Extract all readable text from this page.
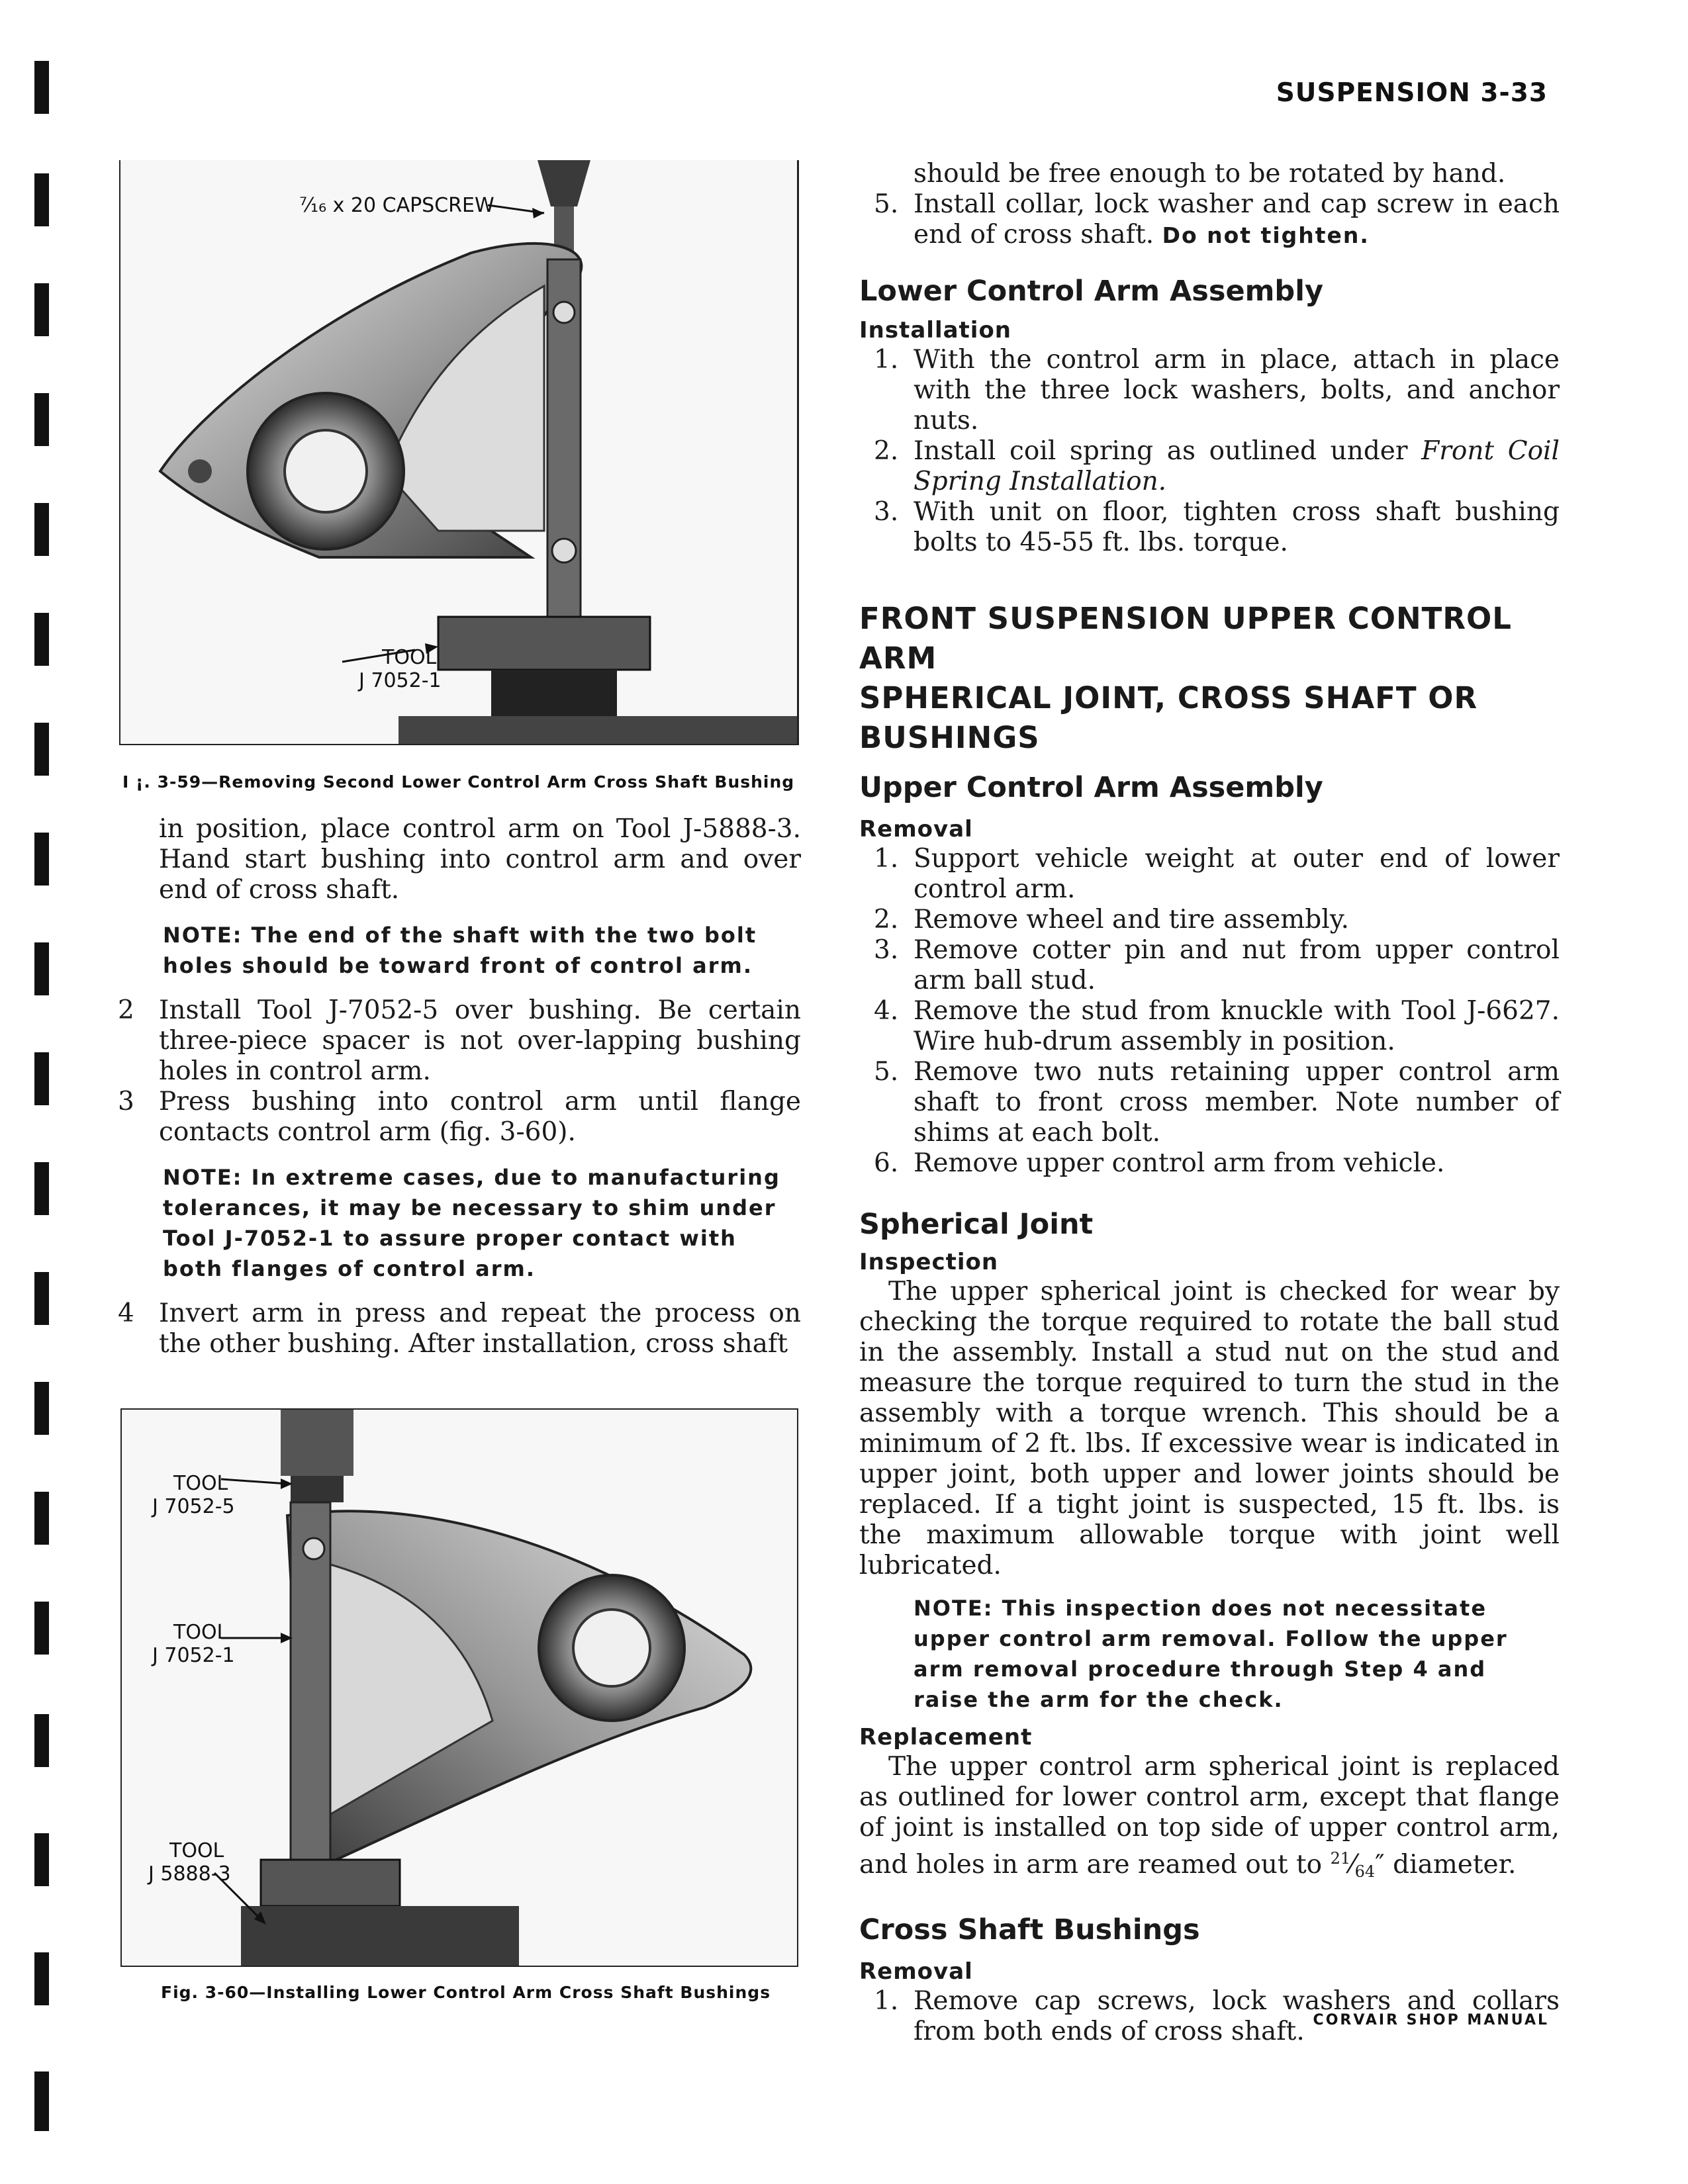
SUSPENSION 3-33
⁷⁄₁₆ x 20 CAPSCREW
TOOL
J 7052-1
I ¡. 3-59—Removing Second Lower Control Arm Cross Shaft Bushing

in position, place control arm on Tool J-5888-3. Hand start bushing into control arm and over end of cross shaft.

NOTE: The end of the shaft with the two bolt holes should be toward front of control arm.

2 Install Tool J-7052-5 over bushing. Be certain three-piece spacer is not over-lapping bushing holes in control arm.
3 Press bushing into control arm until flange contacts control arm (fig. 3-60).

NOTE: In extreme cases, due to manufacturing tolerances, it may be necessary to shim under Tool J-7052-1 to assure proper contact with both flanges of control arm.

4 Invert arm in press and repeat the process on the other bushing. After installation, cross shaft
TOOL
J 7052-5
TOOL
J 7052-1
TOOL
J 5888-3
Fig. 3-60—Installing Lower Control Arm Cross Shaft Bushings

should be free enough to be rotated by hand.

5. Install collar, lock washer and cap screw in each end of cross shaft. Do not tighten.

Lower Control Arm Assembly

Installation

1. With the control arm in place, attach in place with the three lock washers, bolts, and anchor nuts.
2. Install coil spring as outlined under Front Coil Spring Installation.
3. With unit on floor, tighten cross shaft bushing bolts to 45-55 ft. lbs. torque.

FRONT SUSPENSION UPPER CONTROL ARM

SPHERICAL JOINT, CROSS SHAFT OR BUSHINGS

Upper Control Arm Assembly

Removal

1. Support vehicle weight at outer end of lower control arm.
2. Remove wheel and tire assembly.
3. Remove cotter pin and nut from upper control arm ball stud.
4. Remove the stud from knuckle with Tool J-6627. Wire hub-drum assembly in position.
5. Remove two nuts retaining upper control arm shaft to front cross member. Note number of shims at each bolt.
6. Remove upper control arm from vehicle.

Spherical Joint

Inspection

The upper spherical joint is checked for wear by checking the torque required to rotate the ball stud in the assembly. Install a stud nut on the stud and measure the torque required to turn the stud in the assembly with a torque wrench. This should be a minimum of 2 ft. lbs. If excessive wear is indicated in upper joint, both upper and lower joints should be replaced. If a tight joint is suspected, 15 ft. lbs. is the maximum allowable torque with joint well lubricated.

NOTE: This inspection does not necessitate upper control arm removal. Follow the upper arm removal procedure through Step 4 and raise the arm for the check.

Replacement

The upper control arm spherical joint is replaced as outlined for lower control arm, except that flange of joint is installed on top side of upper control arm, and holes in arm are reamed out to $^{21}⁄_{64}''$ diameter.

Cross Shaft Bushings

Removal

1. Remove cap screws, lock washers and collars from both ends of cross shaft. CORVAIR SHOP MANUAL
